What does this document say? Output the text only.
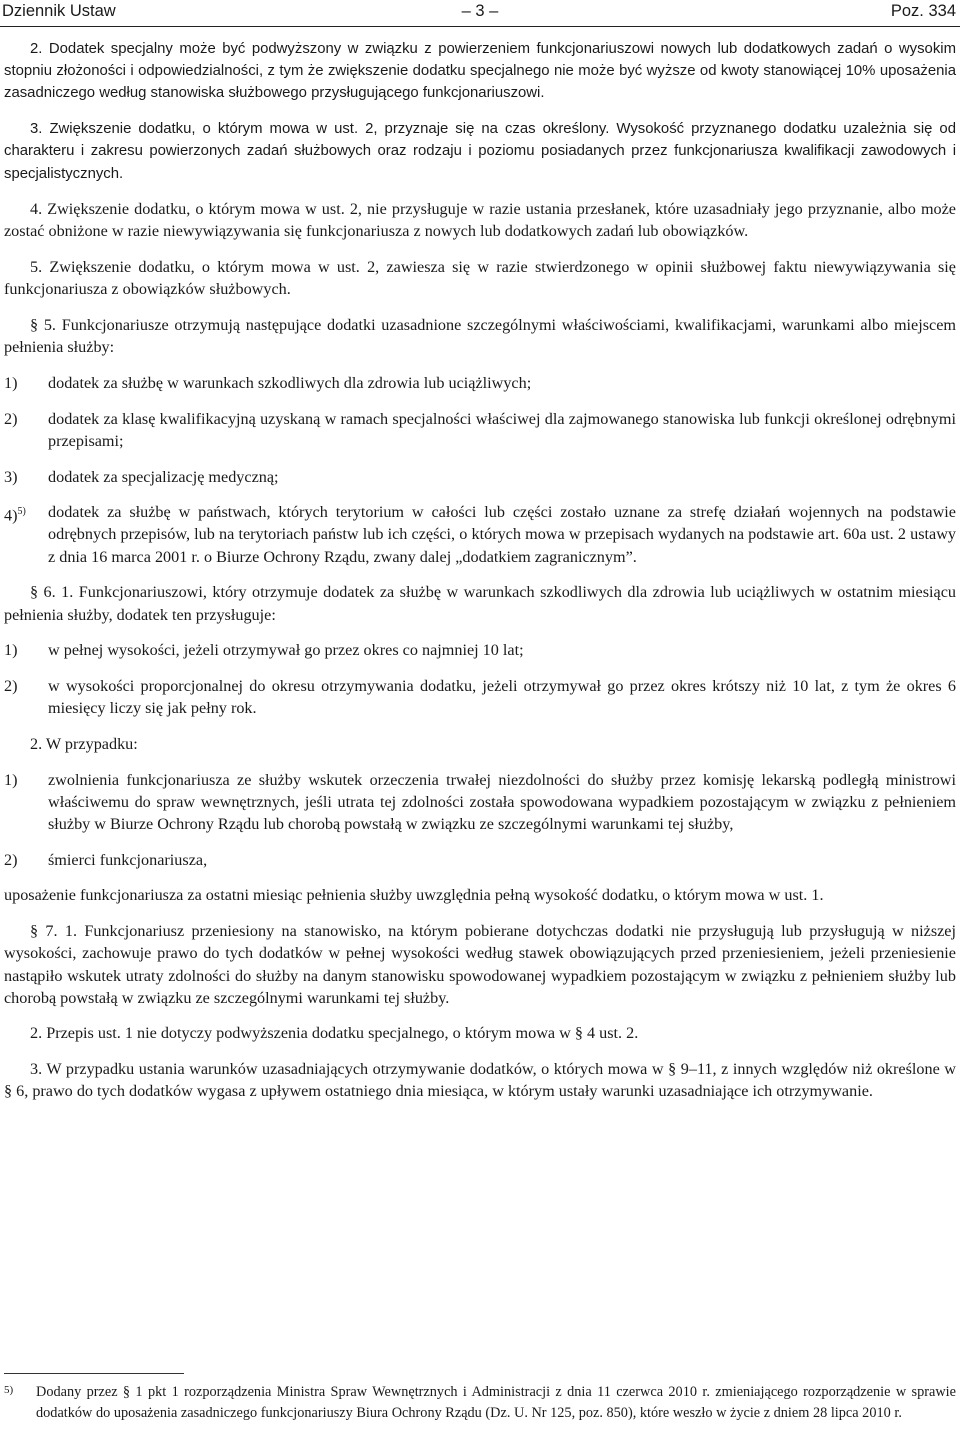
Dziennik Ustaw	– 3 –	Poz. 334

2. Dodatek specjalny może być podwyższony w związku z powierzeniem funkcjonariuszowi nowych lub dodatkowych zadań o wysokim stopniu złożoności i odpowiedzialności, z tym że zwiększenie dodatku specjalnego nie może być wyższe od kwoty stanowiącej 10% uposażenia zasadniczego według stanowiska służbowego przysługującego funkcjonariuszowi.

3. Zwiększenie dodatku, o którym mowa w ust. 2, przyznaje się na czas określony. Wysokość przyznanego dodatku uzależnia się od charakteru i zakresu powierzonych zadań służbowych oraz rodzaju i poziomu posiadanych przez funkcjonariusza kwalifikacji zawodowych i specjalistycznych.

4. Zwiększenie dodatku, o którym mowa w ust. 2, nie przysługuje w razie ustania przesłanek, które uzasadniały jego przyznanie, albo może zostać obniżone w razie niewywiązywania się funkcjonariusza z nowych lub dodatkowych zadań lub obowiązków.

5. Zwiększenie dodatku, o którym mowa w ust. 2, zawiesza się w razie stwierdzonego w opinii służbowej faktu niewywiązywania się funkcjonariusza z obowiązków służbowych.

§ 5. Funkcjonariusze otrzymują następujące dodatki uzasadnione szczególnymi właściwościami, kwalifikacjami, warunkami albo miejscem pełnienia służby:

1) dodatek za służbę w warunkach szkodliwych dla zdrowia lub uciążliwych;
2) dodatek za klasę kwalifikacyjną uzyskaną w ramach specjalności właściwej dla zajmowanego stanowiska lub funkcji określonej odrębnymi przepisami;
3) dodatek za specjalizację medyczną;
4)$^{5)}$ dodatek za służbę w państwach, których terytorium w całości lub części zostało uznane za strefę działań wojennych na podstawie odrębnych przepisów, lub na terytoriach państw lub ich części, o których mowa w przepisach wydanych na podstawie art. 60a ust. 2 ustawy z dnia 16 marca 2001 r. o Biurze Ochrony Rządu, zwany dalej „dodatkiem zagranicznym”.

§ 6. 1. Funkcjonariuszowi, który otrzymuje dodatek za służbę w warunkach szkodliwych dla zdrowia lub uciążliwych w ostatnim miesiącu pełnienia służby, dodatek ten przysługuje:

1) w pełnej wysokości, jeżeli otrzymywał go przez okres co najmniej 10 lat;
2) w wysokości proporcjonalnej do okresu otrzymywania dodatku, jeżeli otrzymywał go przez okres krótszy niż 10 lat, z tym że okres 6 miesięcy liczy się jak pełny rok.

2. W przypadku:

1) zwolnienia funkcjonariusza ze służby wskutek orzeczenia trwałej niezdolności do służby przez komisję lekarską podległą ministrowi właściwemu do spraw wewnętrznych, jeśli utrata tej zdolności została spowodowana wypadkiem pozostającym w związku z pełnieniem służby w Biurze Ochrony Rządu lub chorobą powstałą w związku ze szczególnymi warunkami tej służby,
2) śmierci funkcjonariusza,

uposażenie funkcjonariusza za ostatni miesiąc pełnienia służby uwzględnia pełną wysokość dodatku, o którym mowa w ust. 1.

§ 7. 1. Funkcjonariusz przeniesiony na stanowisko, na którym pobierane dotychczas dodatki nie przysługują lub przysługują w niższej wysokości, zachowuje prawo do tych dodatków w pełnej wysokości według stawek obowiązujących przed przeniesieniem, jeżeli przeniesienie nastąpiło wskutek utraty zdolności do służby na danym stanowisku spowodowanej wypadkiem pozostającym w związku z pełnieniem służby lub chorobą powstałą w związku ze szczególnymi warunkami tej służby.

2. Przepis ust. 1 nie dotyczy podwyższenia dodatku specjalnego, o którym mowa w § 4 ust. 2.

3. W przypadku ustania warunków uzasadniających otrzymywanie dodatków, o których mowa w § 9–11, z innych względów niż określone w § 6, prawo do tych dodatków wygasa z upływem ostatniego dnia miesiąca, w którym ustały warunki uzasadniające ich otrzymywanie.

5) Dodany przez § 1 pkt 1 rozporządzenia Ministra Spraw Wewnętrznych i Administracji z dnia 11 czerwca 2010 r. zmieniającego rozporządzenie w sprawie dodatków do uposażenia zasadniczego funkcjonariuszy Biura Ochrony Rządu (Dz. U. Nr 125, poz. 850), które weszło w życie z dniem 28 lipca 2010 r.
